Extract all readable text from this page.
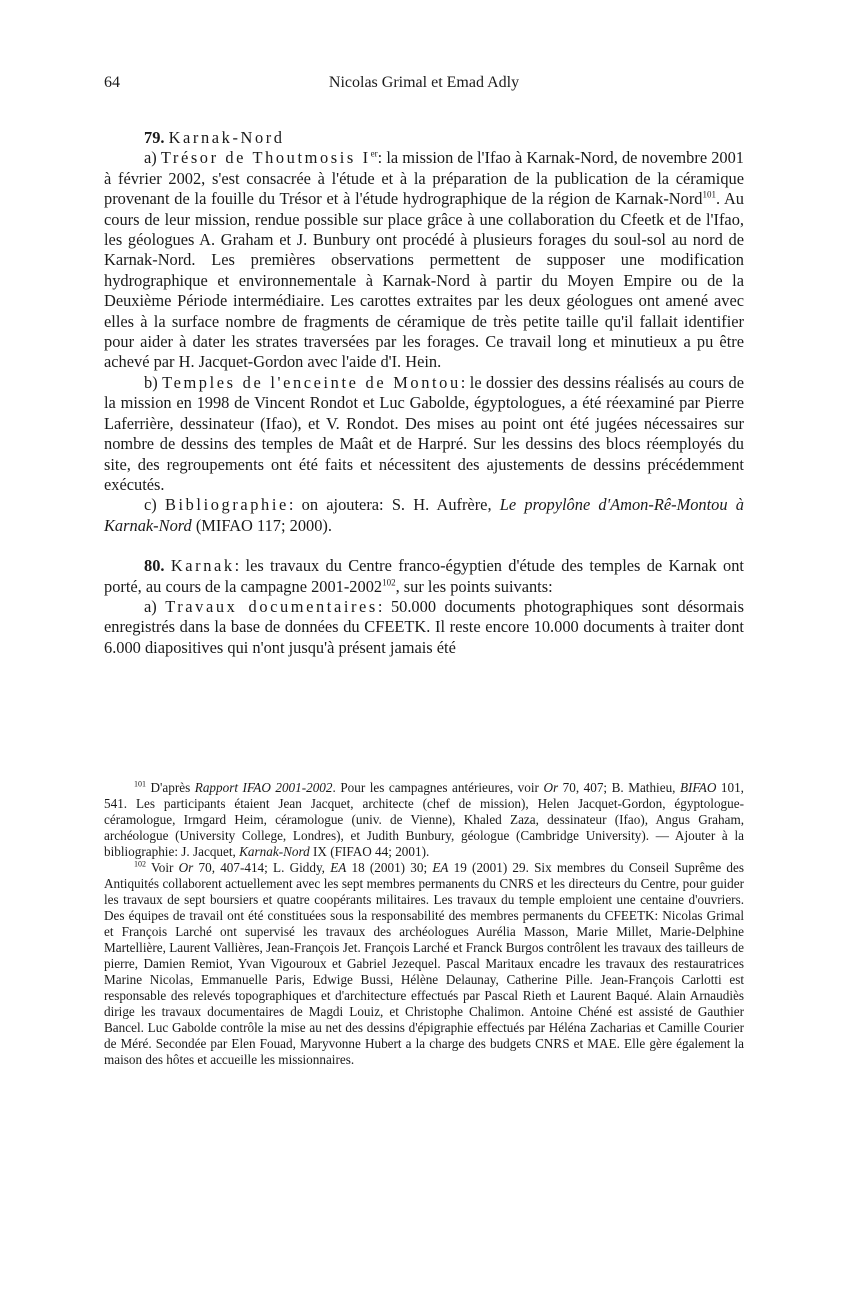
64	Nicolas Grimal et Emad Adly

79. Karnak-Nord

a) Trésor de Thoutmosis Ier: la mission de l'Ifao à Karnak-Nord, de novembre 2001 à février 2002, s'est consacrée à l'étude et à la préparation de la publication de la céramique provenant de la fouille du Trésor et à l'étude hydrographique de la région de Karnak-Nord$^{101}$. Au cours de leur mission, rendue possible sur place grâce à une collaboration du Cfeetk et de l'Ifao, les géologues A. Graham et J. Bunbury ont procédé à plusieurs forages du soul-sol au nord de Karnak-Nord. Les premières observations permettent de supposer une modification hydrographique et environnementale à Karnak-Nord à partir du Moyen Empire ou de la Deuxième Période intermédiaire. Les carottes extraites par les deux géologues ont amené avec elles à la surface nombre de fragments de céramique de très petite taille qu'il fallait identifier pour aider à dater les strates traversées par les forages. Ce travail long et minutieux a pu être achevé par H. Jacquet-Gordon avec l'aide d'I. Hein.

b) Temples de l'enceinte de Montou: le dossier des dessins réalisés au cours de la mission en 1998 de Vincent Rondot et Luc Gabolde, égyptologues, a été réexaminé par Pierre Laferrière, dessinateur (Ifao), et V. Rondot. Des mises au point ont été jugées nécessaires sur nombre de dessins des temples de Maât et de Harpré. Sur les dessins des blocs réemployés du site, des regroupements ont été faits et nécessitent des ajustements de dessins précédemment exécutés.

c) Bibliographie: on ajoutera: S. H. Aufrère, Le propylône d'Amon-Rê-Montou à Karnak-Nord (MIFAO 117; 2000).

80. Karnak: les travaux du Centre franco-égyptien d'étude des temples de Karnak ont porté, au cours de la campagne 2001-2002$^{102}$, sur les points suivants:

a) Travaux documentaires: 50.000 documents photographiques sont désormais enregistrés dans la base de données du CFEETK. Il reste encore 10.000 documents à traiter dont 6.000 diapositives qui n'ont jusqu'à présent jamais été

$^{101}$ D'après Rapport IFAO 2001-2002. Pour les campagnes antérieures, voir Or 70, 407; B. Mathieu, BIFAO 101, 541. Les participants étaient Jean Jacquet, architecte (chef de mission), Helen Jacquet-Gordon, égyptologue-céramologue, Irmgard Heim, céramologue (univ. de Vienne), Khaled Zaza, dessinateur (Ifao), Angus Graham, archéologue (University College, Londres), et Judith Bunbury, géologue (Cambridge University). — Ajouter à la bibliographie: J. Jacquet, Karnak-Nord IX (FIFAO 44; 2001).

$^{102}$ Voir Or 70, 407-414; L. Giddy, EA 18 (2001) 30; EA 19 (2001) 29. Six membres du Conseil Suprême des Antiquités collaborent actuellement avec les sept membres permanents du CNRS et les directeurs du Centre, pour guider les travaux de sept boursiers et quatre coopérants militaires. Les travaux du temple emploient une centaine d'ouvriers. Des équipes de travail ont été constituées sous la responsabilité des membres permanents du CFEETK: Nicolas Grimal et François Larché ont supervisé les travaux des archéologues Aurélia Masson, Marie Millet, Marie-Delphine Martellière, Laurent Vallières, Jean-François Jet. François Larché et Franck Burgos contrôlent les travaux des tailleurs de pierre, Damien Remiot, Yvan Vigouroux et Gabriel Jezequel. Pascal Maritaux encadre les travaux des restauratrices Marine Nicolas, Emmanuelle Paris, Edwige Bussi, Hélène Delaunay, Catherine Pille. Jean-François Carlotti est responsable des relevés topographiques et d'architecture effectués par Pascal Rieth et Laurent Baqué. Alain Arnaudiès dirige les travaux documentaires de Magdi Louiz, et Christophe Chalimon. Antoine Chéné est assisté de Gauthier Bancel. Luc Gabolde contrôle la mise au net des dessins d'épigraphie effectués par Héléna Zacharias et Camille Courier de Méré. Secondée par Elen Fouad, Maryvonne Hubert a la charge des budgets CNRS et MAE. Elle gère également la maison des hôtes et accueille les missionnaires.
